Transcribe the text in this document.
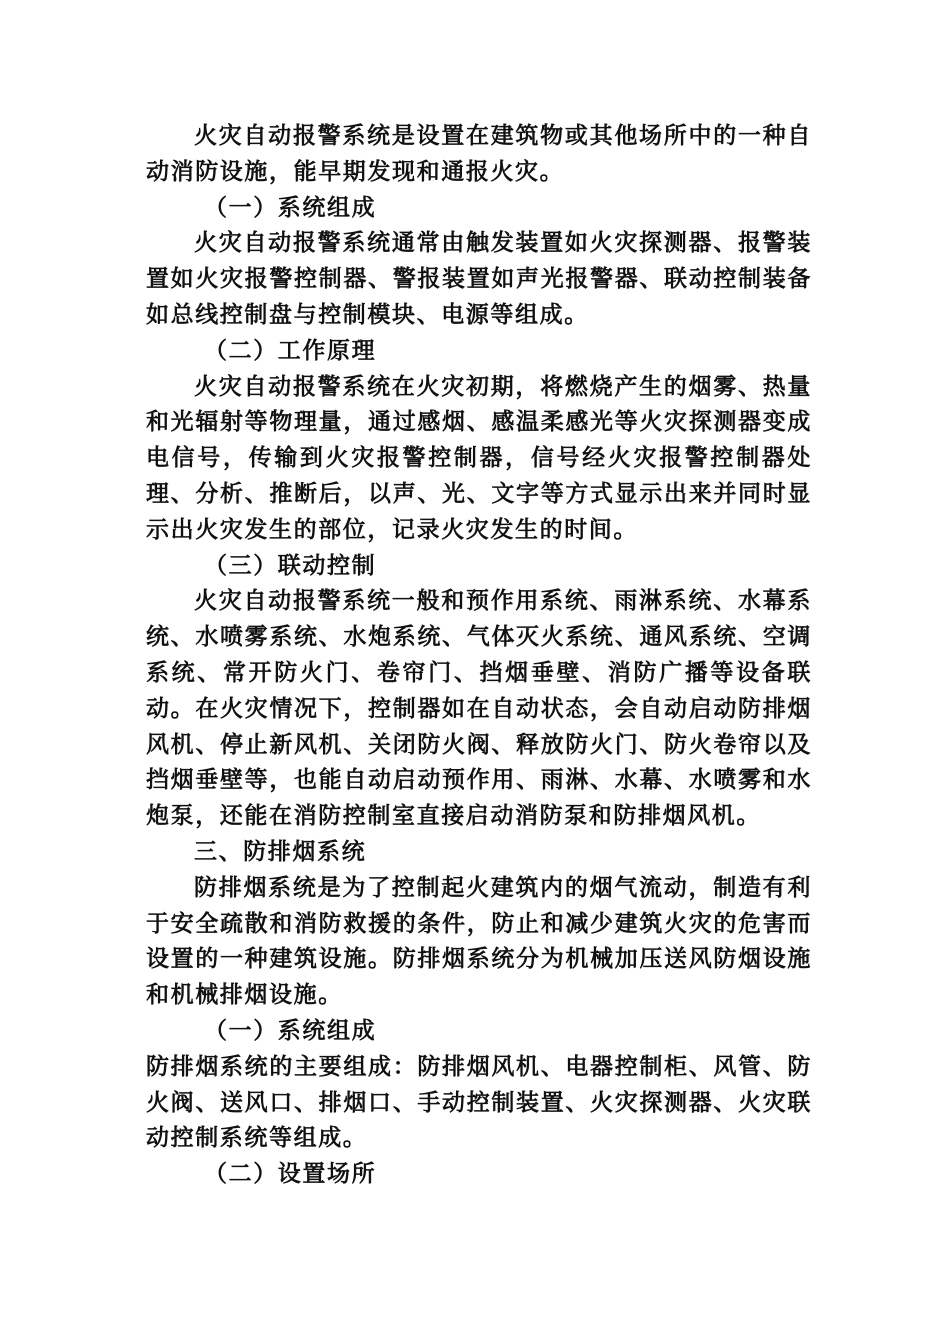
火灾自动报警系统是设置在建筑物或其他场所中的一种自动消防设施，能早期发现和通报火灾。

（一）系统组成

火灾自动报警系统通常由触发装置如火灾探测器、报警装置如火灾报警控制器、警报装置如声光报警器、联动控制装备如总线控制盘与控制模块、电源等组成。

（二）工作原理

火灾自动报警系统在火灾初期，将燃烧产生的烟雾、热量和光辐射等物理量，通过感烟、感温柔感光等火灾探测器变成电信号，传输到火灾报警控制器，信号经火灾报警控制器处理、分析、推断后，以声、光、文字等方式显示出来并同时显示出火灾发生的部位，记录火灾发生的时间。

（三）联动控制

火灾自动报警系统一般和预作用系统、雨淋系统、水幕系统、水喷雾系统、水炮系统、气体灭火系统、通风系统、空调系统、常开防火门、卷帘门、挡烟垂壁、消防广播等设备联动。在火灾情况下，控制器如在自动状态，会自动启动防排烟风机、停止新风机、关闭防火阀、释放防火门、防火卷帘以及挡烟垂壁等，也能自动启动预作用、雨淋、水幕、水喷雾和水炮泵，还能在消防控制室直接启动消防泵和防排烟风机。

三、防排烟系统

防排烟系统是为了控制起火建筑内的烟气流动，制造有利于安全疏散和消防救援的条件，防止和减少建筑火灾的危害而设置的一种建筑设施。防排烟系统分为机械加压送风防烟设施和机械排烟设施。

（一）系统组成

防排烟系统的主要组成：防排烟风机、电器控制柜、风管、防火阀、送风口、排烟口、手动控制装置、火灾探测器、火灾联动控制系统等组成。

（二）设置场所
